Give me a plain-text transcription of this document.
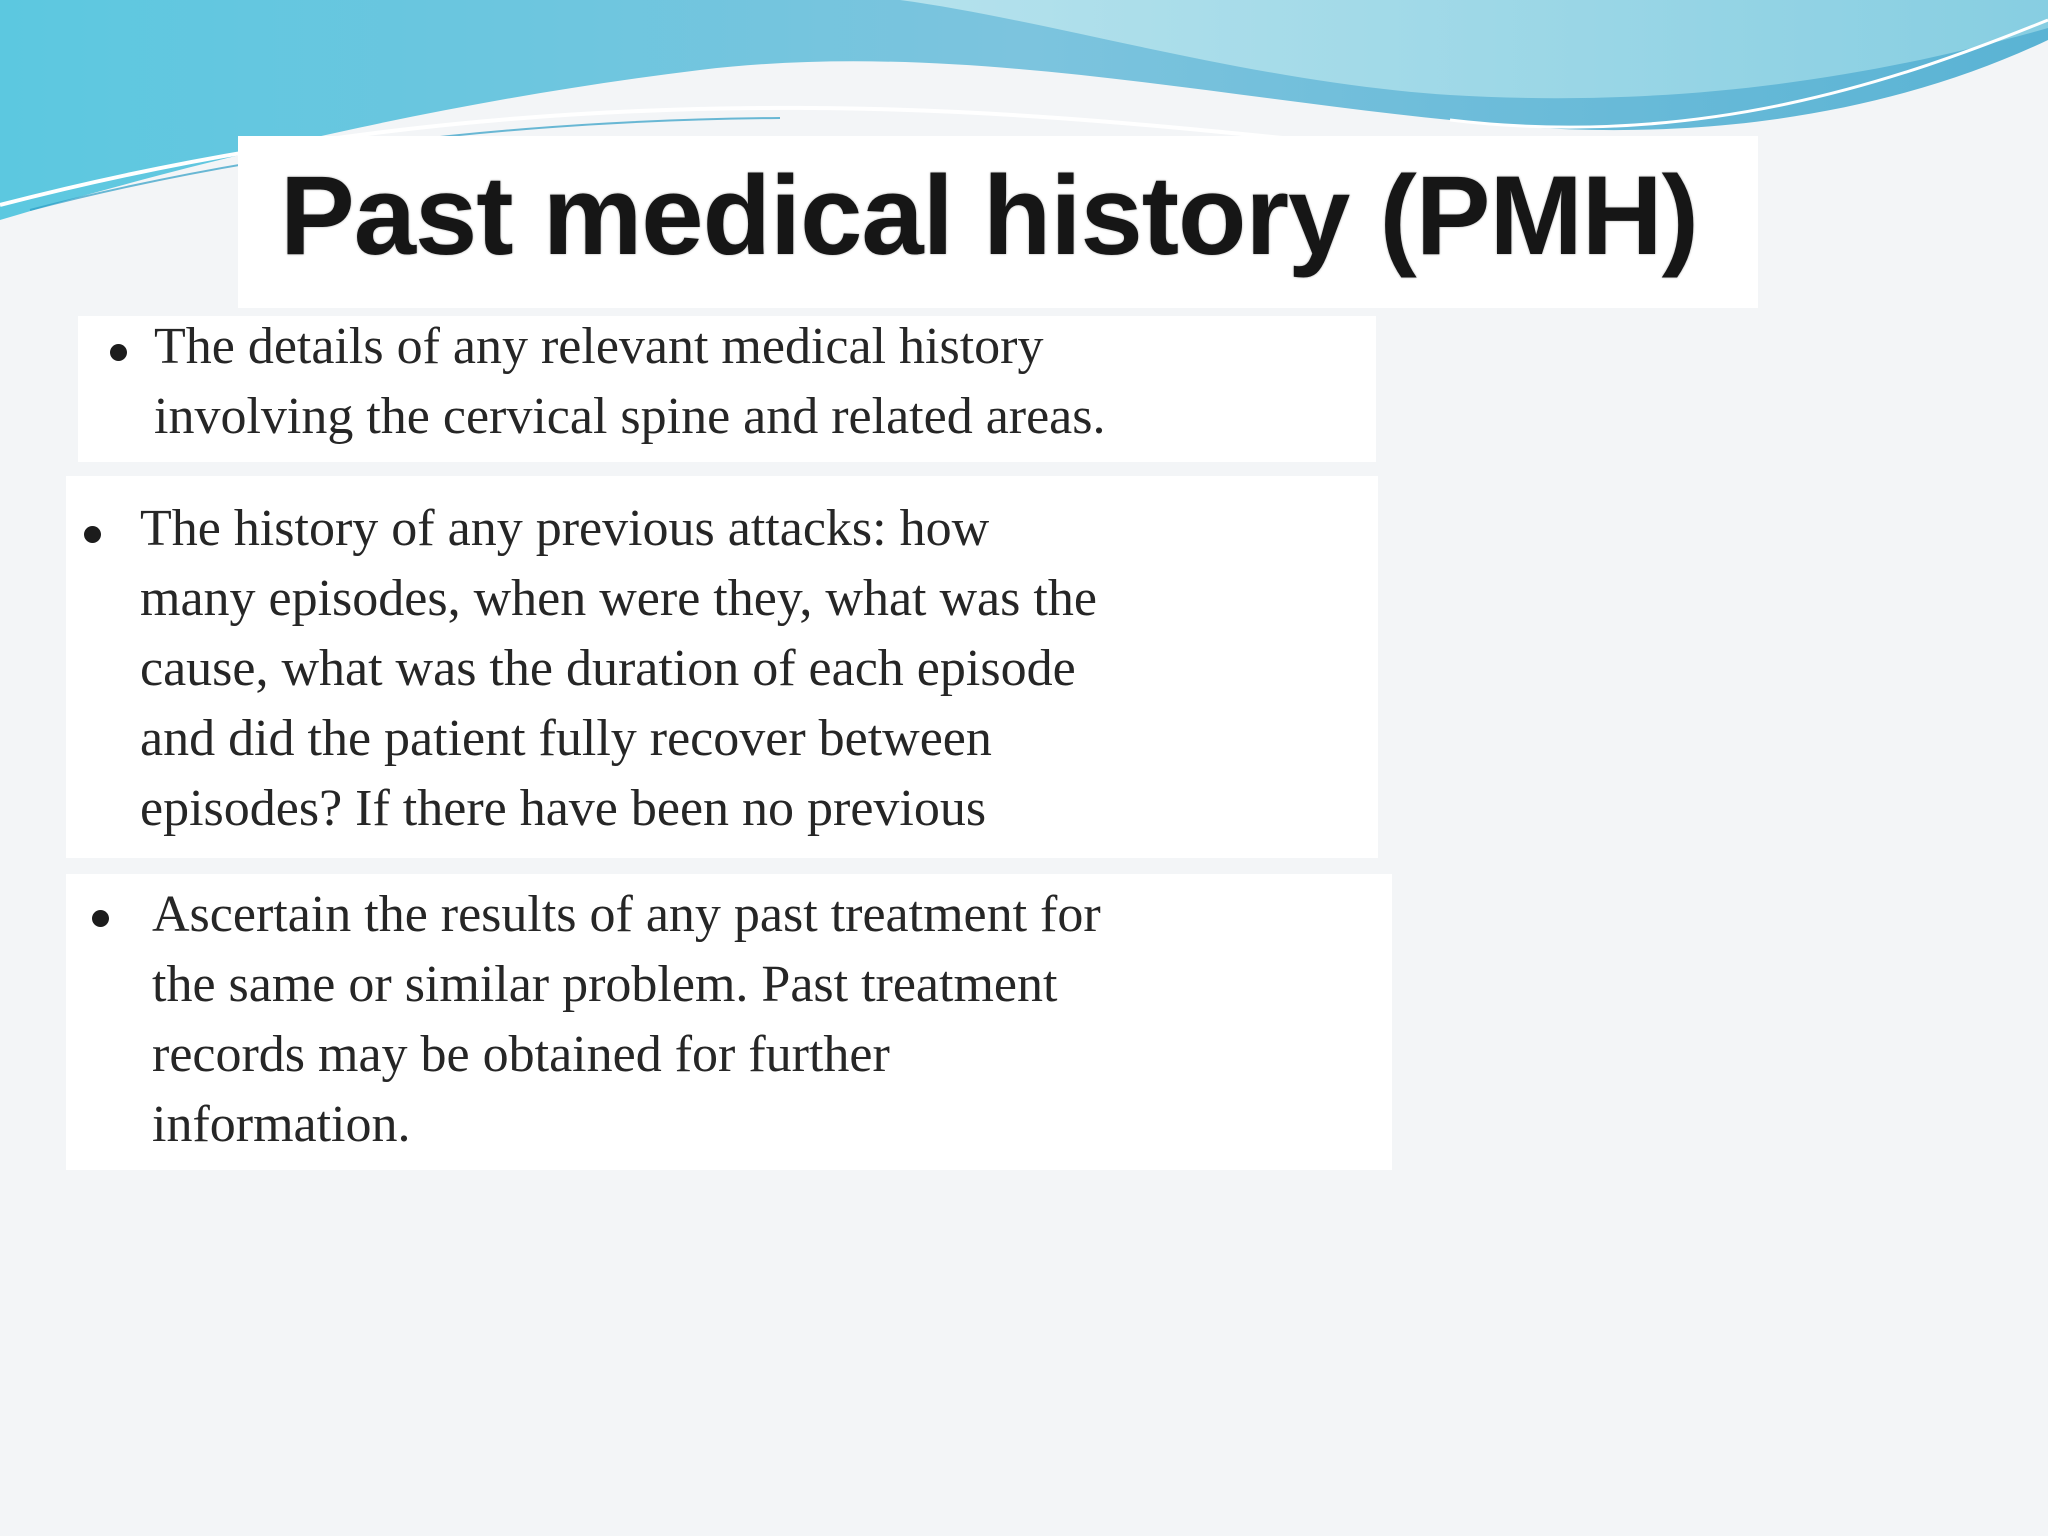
Past medical history (PMH)

The details of any relevant medical history
involving the cervical spine and related areas.

The history of any previous attacks: how
many episodes, when were they, what was the
cause, what was the duration of each episode
and did the patient fully recover between
episodes? If there have been no previous

Ascertain the results of any past treatment for
the same or similar problem. Past treatment
records may be obtained for further
information.
